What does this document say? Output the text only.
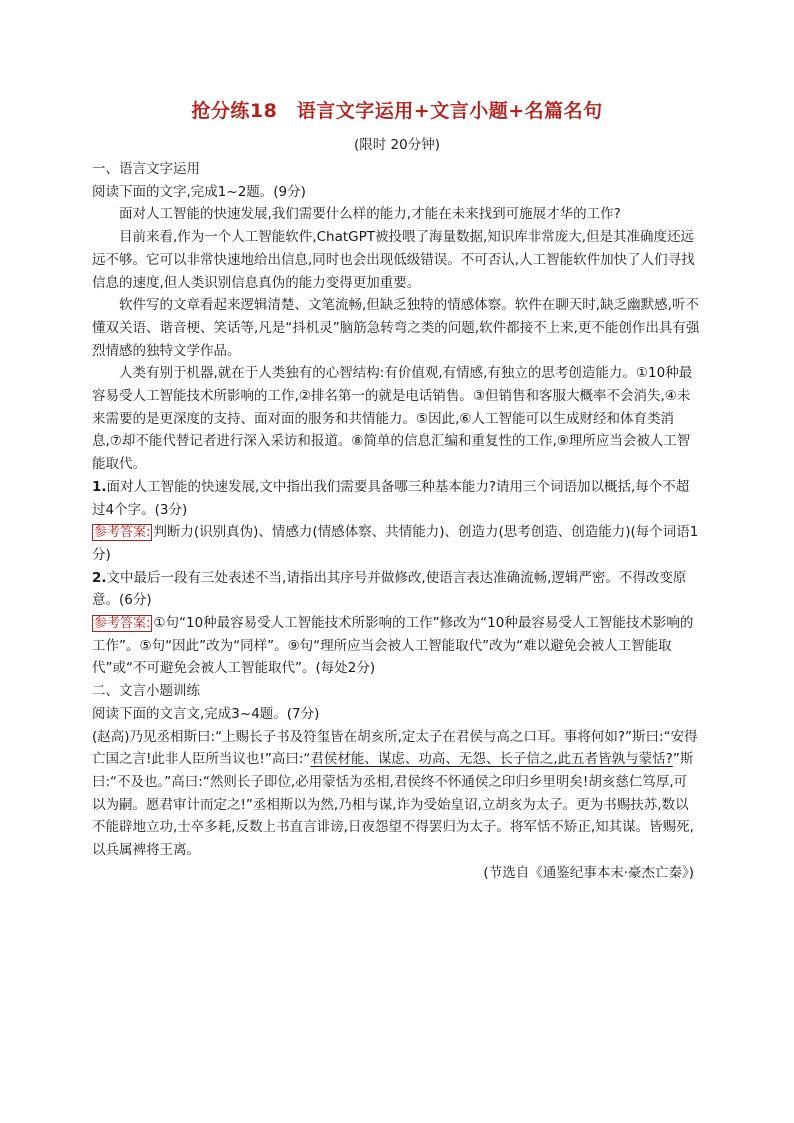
抢分练18　语言文字运用+文言小题+名篇名句
(限时 20分钟)

一、语言文字运用

阅读下面的文字,完成1~2题。(9分)

面对人工智能的快速发展,我们需要什么样的能力,才能在未来找到可施展才华的工作?

目前来看,作为一个人工智能软件,ChatGPT被投喂了海量数据,知识库非常庞大,但是其准确度还远远不够。它可以非常快速地给出信息,同时也会出现低级错误。不可否认,人工智能软件加快了人们寻找信息的速度,但人类识别信息真伪的能力变得更加重要。

软件写的文章看起来逻辑清楚、文笔流畅,但缺乏独特的情感体察。软件在聊天时,缺乏幽默感,听不懂双关语、谐音梗、笑话等,凡是“抖机灵”脑筋急转弯之类的问题,软件都接不上来,更不能创作出具有强烈情感的独特文学作品。

人类有别于机器,就在于人类独有的心智结构:有价值观,有情感,有独立的思考创造能力。①10种最容易受人工智能技术所影响的工作,②排名第一的就是电话销售。③但销售和客服大概率不会消失,④未来需要的是更深度的支持、面对面的服务和共情能力。⑤因此,⑥人工智能可以生成财经和体育类消息,⑦却不能代替记者进行深入采访和报道。⑧简单的信息汇编和重复性的工作,⑨理所应当会被人工智能取代。

1.面对人工智能的快速发展,文中指出我们需要具备哪三种基本能力?请用三个词语加以概括,每个不超过4个字。(3分)

参考答案: 判断力(识别真伪)、情感力(情感体察、共情能力)、创造力(思考创造、创造能力)(每个词语1分)

2.文中最后一段有三处表述不当,请指出其序号并做修改,使语言表达准确流畅,逻辑严密。不得改变原意。(6分)

参考答案: ①句“10种最容易受人工智能技术所影响的工作”修改为“10种最容易受人工智能技术影响的工作”。⑤句“因此”改为“同样”。⑨句“理所应当会被人工智能取代”改为“难以避免会被人工智能取代”或“不可避免会被人工智能取代”。(每处2分)

二、文言小题训练

阅读下面的文言文,完成3~4题。(7分)

(赵高)乃见丞相斯曰:“上赐长子书及符玺皆在胡亥所,定太子在君侯与高之口耳。事将何如?”斯曰:“安得亡国之言!此非人臣所当议也!”高曰:“君侯材能、谋虑、功高、无怨、长子信之,此五者皆孰与蒙恬?”斯曰:“不及也。”高曰:“然则长子即位,必用蒙恬为丞相,君侯终不怀通侯之印归乡里明矣!胡亥慈仁笃厚,可以为嗣。愿君审计而定之!”丞相斯以为然,乃相与谋,诈为受始皇诏,立胡亥为太子。更为书赐扶苏,数以不能辟地立功,士卒多耗,反数上书直言诽谤,日夜怨望不得罢归为太子。将军恬不矫正,知其谋。皆赐死,以兵属裨将王离。

(节选自《通鉴纪事本末·豪杰亡秦》)
